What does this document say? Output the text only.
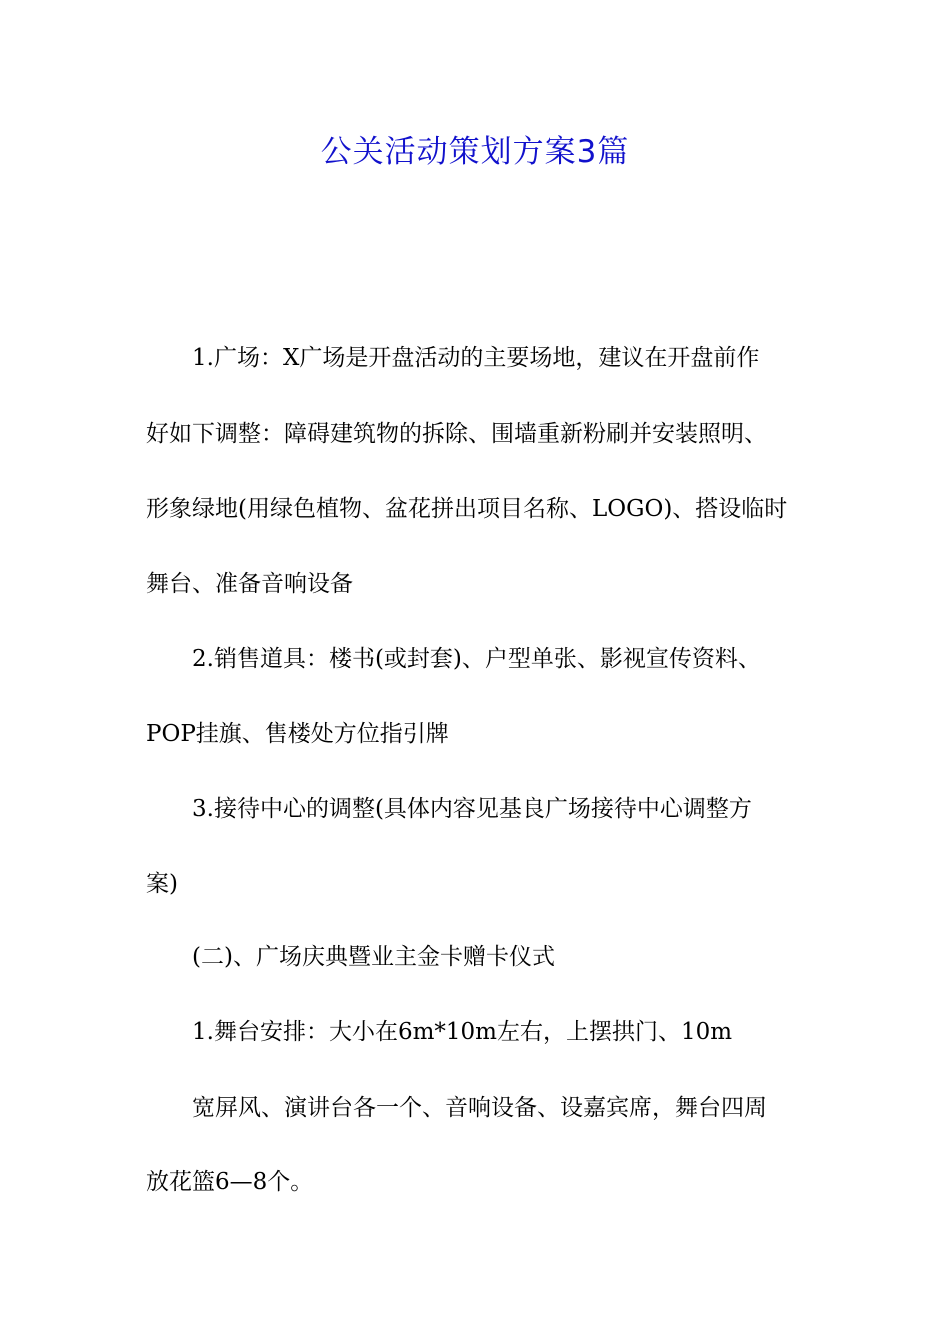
公关活动策划方案3篇

1.广场：X广场是开盘活动的主要场地，建议在开盘前作

好如下调整：障碍建筑物的拆除、围墙重新粉刷并安装照明、

形象绿地(用绿色植物、盆花拼出项目名称、LOGO)、搭设临时

舞台、准备音响设备

2.销售道具：楼书(或封套)、户型单张、影视宣传资料、

POP挂旗、售楼处方位指引牌

3.接待中心的调整(具体内容见基良广场接待中心调整方

案)

(二)、广场庆典暨业主金卡赠卡仪式

1.舞台安排：大小在6m*10m左右，上摆拱门、10m

宽屏风、演讲台各一个、音响设备、设嘉宾席，舞台四周

放花篮6—8个。
